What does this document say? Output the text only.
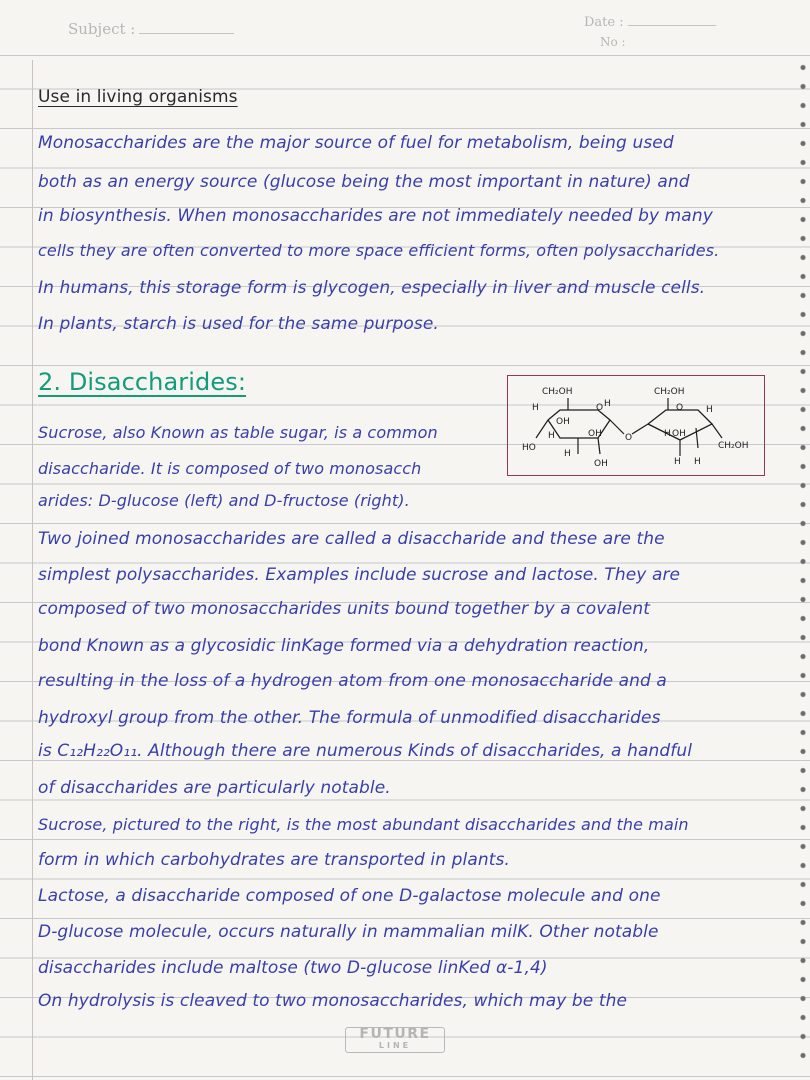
Subject :	Date :
No :
Use in living organisms
Monosaccharides are the major source of fuel for metabolism, being used
both as an energy source (glucose being the most important in nature) and
in biosynthesis. When monosaccharides are not immediately needed by many
cells they are often converted to more space efficient forms, often polysaccharides.
In humans, this storage form is glycogen, especially in liver and muscle cells.
In plants, starch is used for the same purpose.
2. Disaccharides:	CH₂OH	CH₂OH
CH₂OH
H	H
H
H
H
H
H H
O	O
O
OH
OH
OH
OH
HO
Sucrose, also Known as table sugar, is a common
disaccharide. It is composed of two monosacch
arides: D-glucose (left) and D-fructose (right).
Two joined monosaccharides are called a disaccharide and these are the
simplest polysaccharides. Examples include sucrose and lactose. They are
composed of two monosaccharides units bound together by a covalent
bond Known as a glycosidic linKage formed via a dehydration reaction,
resulting in the loss of a hydrogen atom from one monosaccharide and a
hydroxyl group from the other. The formula of unmodified disaccharides
is C₁₂H₂₂O₁₁. Although there are numerous Kinds of disaccharides, a handful
of disaccharides are particularly notable.
Sucrose, pictured to the right, is the most abundant disaccharides and the main
form in which carbohydrates are transported in plants.
Lactose, a disaccharide composed of one D-galactose molecule and one
D-glucose molecule, occurs naturally in mammalian milK. Other notable
disaccharides include maltose (two D-glucose linKed α-1,4)
On hydrolysis is cleaved to two monosaccharides, which may be the
FUTURE
LINE
